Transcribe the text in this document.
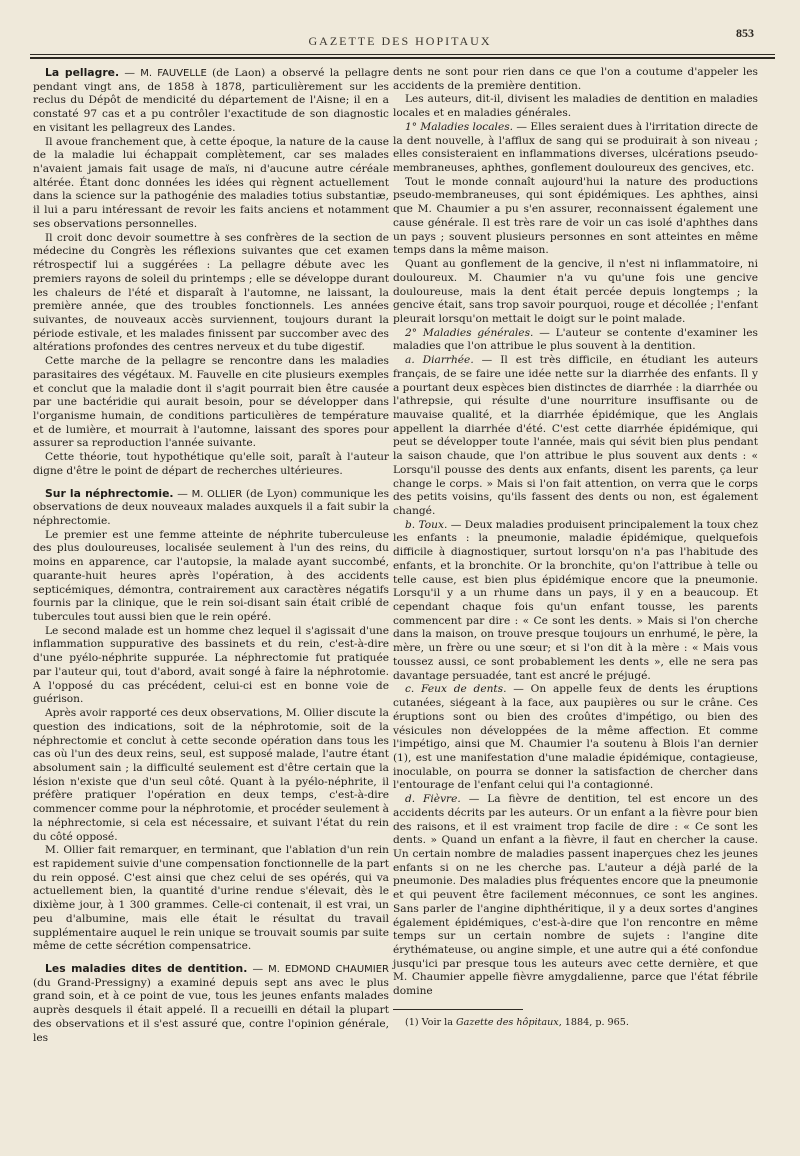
GAZETTE DES HOPITAUX
853

La pellagre. — M. FAUVELLE (de Laon) a observé la pellagre pendant vingt ans, de 1858 à 1878, particulièrement sur les reclus du Dépôt de mendicité du département de l'Aisne; il en a constaté 97 cas et a pu contrôler l'exactitude de son diagnostic en visitant les pellagreux des Landes.

Il avoue franchement que, à cette époque, la nature de la cause de la maladie lui échappait complètement, car ses malades n'avaient jamais fait usage de maïs, ni d'aucune autre céréale altérée. Étant donc données les idées qui règnent actuellement dans la science sur la pathogénie des maladies totius substantiæ, il lui a paru intéressant de revoir les faits anciens et notamment ses observations personnelles.

Il croit donc devoir soumettre à ses confrères de la section de médecine du Congrès les réflexions suivantes que cet examen rétrospectif lui a suggérées : La pellagre débute avec les premiers rayons de soleil du printemps ; elle se développe durant les chaleurs de l'été et disparaît à l'automne, ne laissant, la première année, que des troubles fonctionnels. Les années suivantes, de nouveaux accès surviennent, toujours durant la période estivale, et les malades finissent par succomber avec des altérations profondes des centres nerveux et du tube digestif.

Cette marche de la pellagre se rencontre dans les maladies parasitaires des végétaux. M. Fauvelle en cite plusieurs exemples et conclut que la maladie dont il s'agit pourrait bien être causée par une bactéridie qui aurait besoin, pour se développer dans l'organisme humain, de conditions particulières de température et de lumière, et mourrait à l'automne, laissant des spores pour assurer sa reproduction l'année suivante.

Cette théorie, tout hypothétique qu'elle soit, paraît à l'auteur digne d'être le point de départ de recherches ultérieures.

Sur la néphrectomie. — M. OLLIER (de Lyon) communique les observations de deux nouveaux malades auxquels il a fait subir la néphrectomie.

Le premier est une femme atteinte de néphrite tuberculeuse des plus douloureuses, localisée seulement à l'un des reins, du moins en apparence, car l'autopsie, la malade ayant succombé, quarante-huit heures après l'opération, à des accidents septicémiques, démontra, contrairement aux caractères négatifs fournis par la clinique, que le rein soi-disant sain était criblé de tubercules tout aussi bien que le rein opéré.

Le second malade est un homme chez lequel il s'agissait d'une inflammation suppurative des bassinets et du rein, c'est-à-dire d'une pyélo-néphrite suppurée. La néphrectomie fut pratiquée par l'auteur qui, tout d'abord, avait songé à faire la néphrotomie. A l'opposé du cas précédent, celui-ci est en bonne voie de guérison.

Après avoir rapporté ces deux observations, M. Ollier discute la question des indications, soit de la néphrotomie, soit de la néphrectomie et conclut à cette seconde opération dans tous les cas où l'un des deux reins, seul, est supposé malade, l'autre étant absolument sain ; la difficulté seulement est d'être certain que la lésion n'existe que d'un seul côté. Quant à la pyélo-néphrite, il préfère pratiquer l'opération en deux temps, c'est-à-dire commencer comme pour la néphrotomie, et procéder seulement à la néphrectomie, si cela est nécessaire, et suivant l'état du rein du côté opposé.

M. Ollier fait remarquer, en terminant, que l'ablation d'un rein est rapidement suivie d'une compensation fonctionnelle de la part du rein opposé. C'est ainsi que chez celui de ses opérés, qui va actuellement bien, la quantité d'urine rendue s'élevait, dès le dixième jour, à 1 300 grammes. Celle-ci contenait, il est vrai, un peu d'albumine, mais elle était le résultat du travail supplémentaire auquel le rein unique se trouvait soumis par suite même de cette sécrétion compensatrice.

Les maladies dites de dentition. — M. EDMOND CHAUMIER (du Grand-Pressigny) a examiné depuis sept ans avec le plus grand soin, et à ce point de vue, tous les jeunes enfants malades auprès desquels il était appelé. Il a recueilli en détail la plupart des observations et il s'est assuré que, contre l'opinion générale, les

dents ne sont pour rien dans ce que l'on a coutume d'appeler les accidents de la première dentition.

Les auteurs, dit-il, divisent les maladies de dentition en maladies locales et en maladies générales.

1° Maladies locales. — Elles seraient dues à l'irritation directe de la dent nouvelle, à l'afflux de sang qui se produirait à son niveau ; elles consisteraient en inflammations diverses, ulcérations pseudo-membraneuses, aphthes, gonflement douloureux des gencives, etc.

Tout le monde connaît aujourd'hui la nature des productions pseudo-membraneuses, qui sont épidémiques. Les aphthes, ainsi que M. Chaumier a pu s'en assurer, reconnaissent également une cause générale. Il est très rare de voir un cas isolé d'aphthes dans un pays ; souvent plusieurs personnes en sont atteintes en même temps dans la même maison.

Quant au gonflement de la gencive, il n'est ni inflammatoire, ni douloureux. M. Chaumier n'a vu qu'une fois une gencive douloureuse, mais la dent était percée depuis longtemps ; la gencive était, sans trop savoir pourquoi, rouge et décollée ; l'enfant pleurait lorsqu'on mettait le doigt sur le point malade.

2° Maladies générales. — L'auteur se contente d'examiner les maladies que l'on attribue le plus souvent à la dentition.

a. Diarrhée. — Il est très difficile, en étudiant les auteurs français, de se faire une idée nette sur la diarrhée des enfants. Il y a pourtant deux espèces bien distinctes de diarrhée : la diarrhée ou l'athrepsie, qui résulte d'une nourriture insuffisante ou de mauvaise qualité, et la diarrhée épidémique, que les Anglais appellent la diarrhée d'été. C'est cette diarrhée épidémique, qui peut se développer toute l'année, mais qui sévit bien plus pendant la saison chaude, que l'on attribue le plus souvent aux dents : « Lorsqu'il pousse des dents aux enfants, disent les parents, ça leur change le corps. » Mais si l'on fait attention, on verra que le corps des petits voisins, qu'ils fassent des dents ou non, est également changé.

b. Toux. — Deux maladies produisent principalement la toux chez les enfants : la pneumonie, maladie épidémique, quelquefois difficile à diagnostiquer, surtout lorsqu'on n'a pas l'habitude des enfants, et la bronchite. Or la bronchite, qu'on l'attribue à telle ou telle cause, est bien plus épidémique encore que la pneumonie. Lorsqu'il y a un rhume dans un pays, il y en a beaucoup. Et cependant chaque fois qu'un enfant tousse, les parents commencent par dire : « Ce sont les dents. » Mais si l'on cherche dans la maison, on trouve presque toujours un enrhumé, le père, la mère, un frère ou une sœur; et si l'on dit à la mère : « Mais vous toussez aussi, ce sont probablement les dents », elle ne sera pas davantage persuadée, tant est ancré le préjugé.

c. Feux de dents. — On appelle feux de dents les éruptions cutanées, siégeant à la face, aux paupières ou sur le crâne. Ces éruptions sont ou bien des croûtes d'impétigo, ou bien des vésicules non développées de la même affection. Et comme l'impétigo, ainsi que M. Chaumier l'a soutenu à Blois l'an dernier (1), est une manifestation d'une maladie épidémique, contagieuse, inoculable, on pourra se donner la satisfaction de chercher dans l'entourage de l'enfant celui qui l'a contagionné.

d. Fièvre. — La fièvre de dentition, tel est encore un des accidents décrits par les auteurs. Or un enfant a la fièvre pour bien des raisons, et il est vraiment trop facile de dire : « Ce sont les dents. » Quand un enfant a la fièvre, il faut en chercher la cause. Un certain nombre de maladies passent inaperçues chez les jeunes enfants si on ne les cherche pas. L'auteur a déjà parlé de la pneumonie. Des maladies plus fréquentes encore que la pneumonie et qui peuvent être facilement méconnues, ce sont les angines. Sans parler de l'angine diphthéritique, il y a deux sortes d'angines également épidémiques, c'est-à-dire que l'on rencontre en même temps sur un certain nombre de sujets : l'angine dite érythémateuse, ou angine simple, et une autre qui a été confondue jusqu'ici par presque tous les auteurs avec cette dernière, et que M. Chaumier appelle fièvre amygdalienne, parce que l'état fébrile domine

(1) Voir la Gazette des hôpitaux, 1884, p. 965.
